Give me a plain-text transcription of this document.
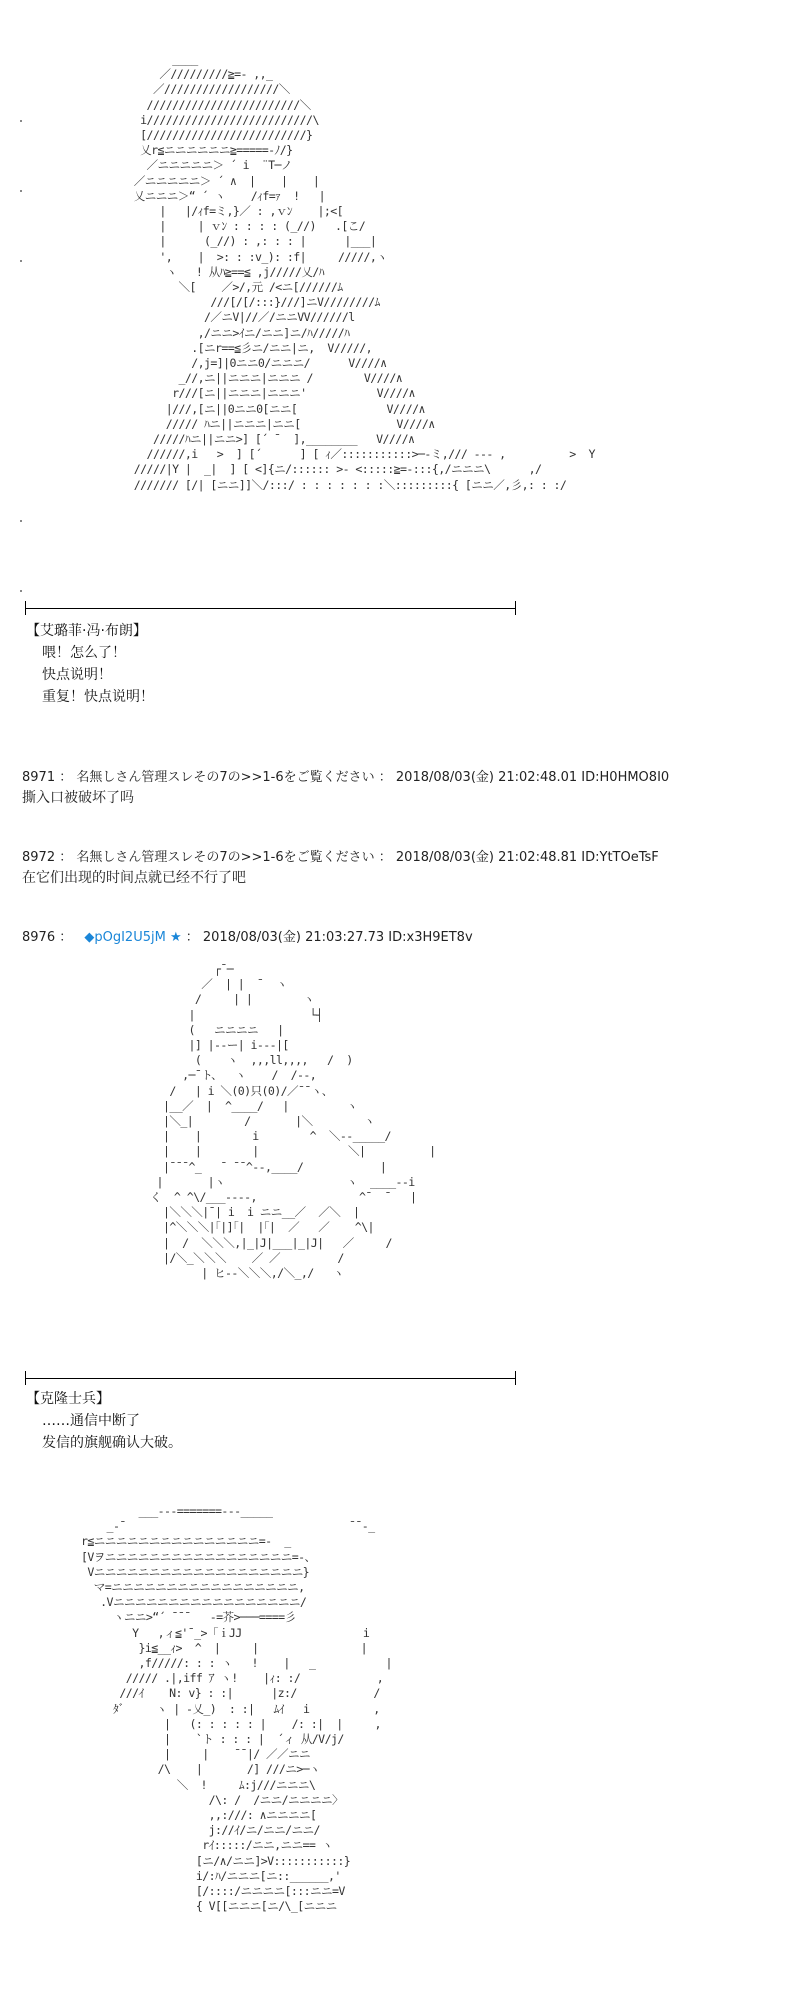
____
／/////////≧=- ,,_
／//////////////////＼
////////////////////////＼
i//////////////////////////\
[/////////////////////////}
乂r≦ニニニニニニ≧=====-ﾉ/}
／ニニニニニ＞ ´ i  ¨T─ノ
／ニニニニニ＞ ´ ∧  |    |    |
乂ニニニ＞“ ´ ヽ    /ｨf=ｧ  !   |
|   |/ｨf=ミ,}／ : ,ｖﾝ    |;<[
|     | ｖﾝ : : : : (_//)   .[こ/
|      (_//) : ,: : : |      |___|
',    |  >: : :v_): :f|     /////,ヽ
ヽ   ! 从ﾊ≧==≦ ,j/////乂/ﾊ
＼[    ／>/,元 /<ニ[//////ﾑ
///[/[/:::}///]ニV////////ﾑ
/／ニV|//／/ニニVV//////l
,/ニニ>ｲニ/ニニ]ニ/ﾊ/////ﾊ
.[ニr==≦彡ニ/ニニ|ニ,  V/////,
/,j=]|0ニニ0/ニニニ/      V////∧
_//,ニ||ニニニ|ニニニ /        V////∧
r///[ニ||ニニニ|ニニニ'           V////∧
|///,[ニ||0ニニ0[ニニ[              V////∧
///// ﾊニ||ニニニ|ニニ[               V////∧
/////ﾊニ||ニニ>] [´ ¯  ],________   V////∧
//////,i   >  ] [´      ] [ ｨ／:::::::::::>─-ミ,/// --- ,          >  Y
/////|Y |  _|  ] [ <]{ニ/:::::: >- <:::::≧=-:::{,/ニニニ\      ,/
/////// [/| [ニニ]]＼/:::/ : : : : : : :＼:::::::::{ [ニニ／,彡,: : :/
【艾璐菲·冯·布朗】
喂！怎么了！
快点说明！
重复！快点说明！
8971 ： 名無しさん管理スレその7の>>1-6をご覧ください ： 2018/08/03(金) 21:02:48.01 ID:H0HMO8I0
撕入口被破坏了吗
8972 ： 名無しさん管理スレその7の>>1-6をご覧ください ： 2018/08/03(金) 21:02:48.81 ID:YtTOeTsF
在它们出现的时间点就已经不行了吧
8976 ： ◆pOgI2U5jM ★ ： 2018/08/03(金) 21:03:27.73 ID:x3H9ET8v
┌¯─
／  | |  ¯  ヽ
/     | |        ヽ
|                  └┤
(   ニニニニ   |
|] |--ー| i---|[
(    ヽ  ,,,ll,,,,   /  )
,─¯ト、  ヽ    /  /--,
/   | i ＼(0)只(0)/／¯¯ヽ、
|__／  |  ^____/   |         ヽ
|＼_|        /       |＼        ヽ
|    |        i        ^  ＼--_____/
|    |        |              ＼|          |
|¯¯¯^_   ¯ ¯¯^--,____/            |
|       |ヽ                   ヽ  ____--i
く  ^ ^\/___----,                ^¯  ¯   |
|＼＼＼|¯| i  i ニニ__／  ／＼  |
|^＼＼＼|｢|]｢|  |｢|  ／   ／    ^\|
|  /  ＼＼＼,|_|J|___|_|J|   ／     /
|/＼_＼＼＼    ／ ／         /
| ヒ--＼＼＼,/＼_,/   ヽ
【克隆士兵】
……通信中断了
发信的旗舰确认大破。
___---=======---_____
_-¯                                   ¯¯-_
r≦ニニニニニニニニニニニニニニニ=-  _
[Vヲニニニニニニニニニニニニニニニニニ=-、
Vニニニニニニニニニニニニニニニニニニニ}
マ=ニニニニニニニニニニニニニニニニニ,
.Vニニニニニニニニニニニニニニニニニ/
ヽニニ>“´ ¯¯¯   -=芥>───====彡
Y   ,ィ≦'¯_>「ｉJJ                   i
}i≦__ｨ>  ^  |     |                |
,f/////: : : ヽ   !    |   _           |
///// .|,iff ｱ ヽ!    |ｨ: :/            ,
///ｲ    N: v} : :|      |z:/            /
ﾀﾞ     ヽ | -乂_)  : :|   ﾑｲ   i          ,
|   (: : : : : |    /: :|  |     ,
|    `ト : : : |  ´ィ 从/V/j/
|     |    ¯¯|/ ／／ニニ
/\    |       /] ///ニ>─ヽ
＼  !     ﾑ:j///ニニニ\
/\: /  /ニニ/ニニニニ〉
,,:///: ∧ニニニニ[
j://ｲ/ニ/ニニ/ニニ/
rｲ:::::/ニニ,ニニ== ヽ
[ニ/∧/ニニ]>V:::::::::::}
i/:ﾊ/ニニニ[ニ::______,'
[/::::/ニニニニ[:::ニニ=V
{ V[[ニニニ[ニ/\_[ニニニ
